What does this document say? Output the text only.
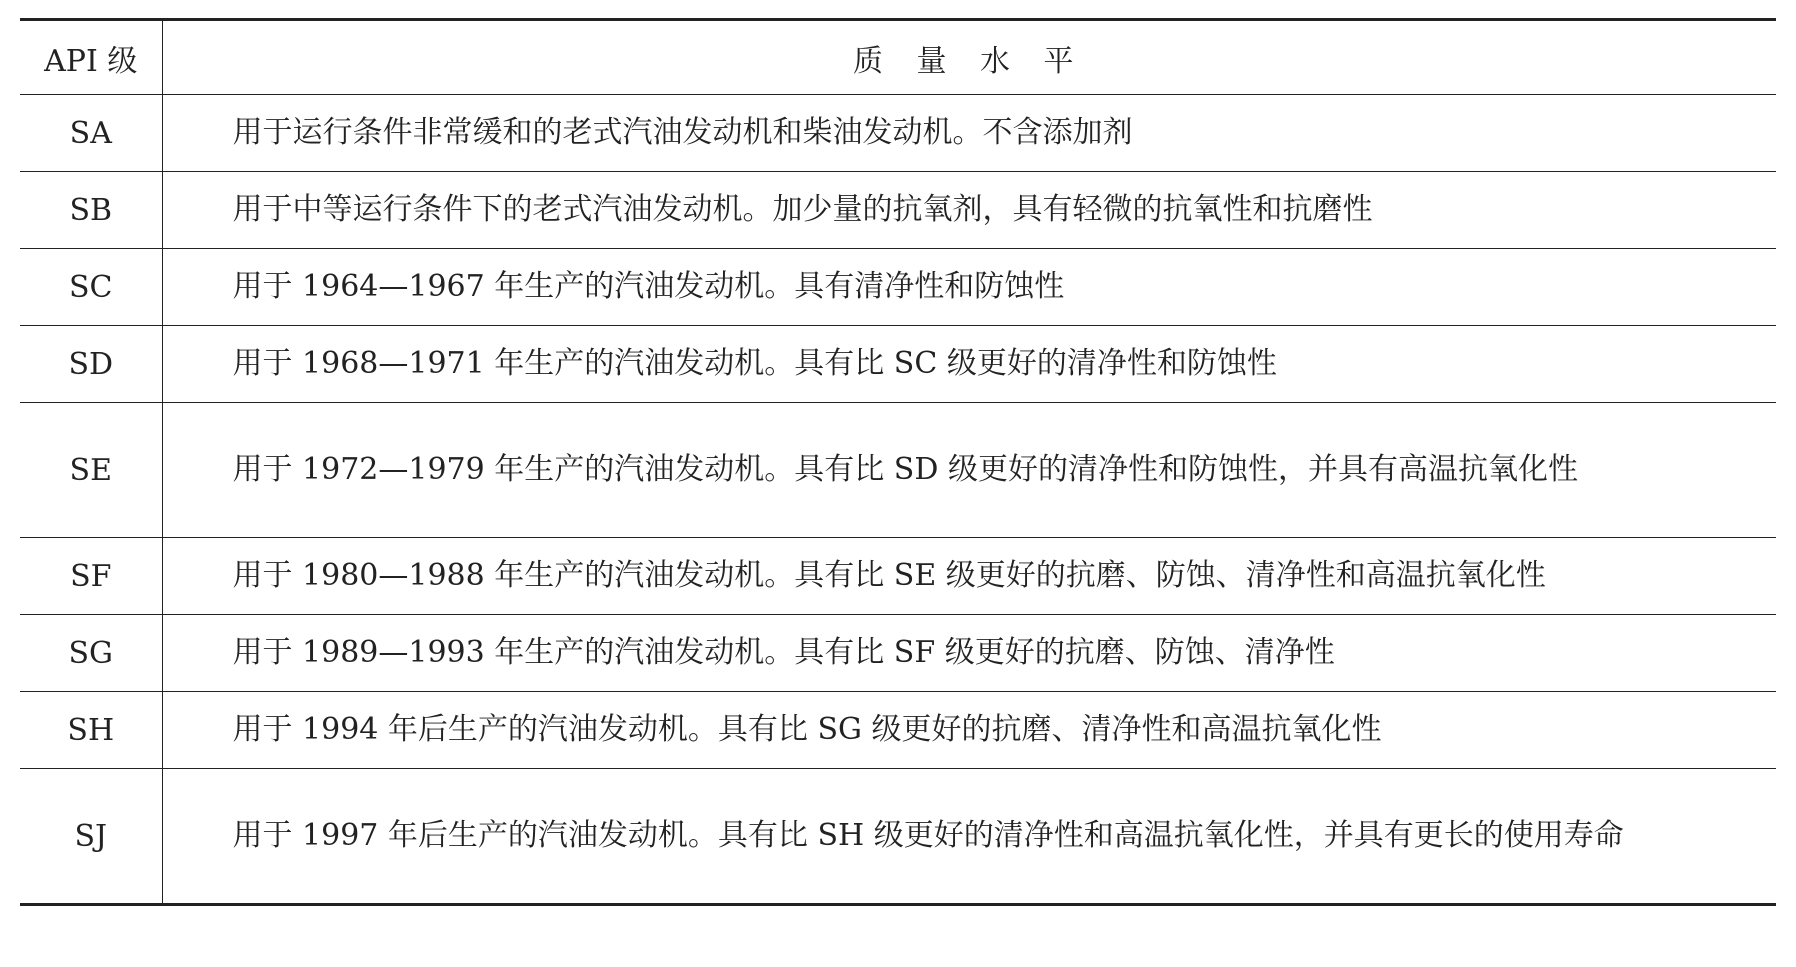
API 级	质 量 水 平
SA	用于运行条件非常缓和的老式汽油发动机和柴油发动机。不含添加剂
SB	用于中等运行条件下的老式汽油发动机。加少量的抗氧剂，具有轻微的抗氧性和抗磨性
SC	用于 1964—1967 年生产的汽油发动机。具有清净性和防蚀性
SD	用于 1968—1971 年生产的汽油发动机。具有比 SC 级更好的清净性和防蚀性
SE	用于 1972—1979 年生产的汽油发动机。具有比 SD 级更好的清净性和防蚀性，并具有高温抗氧化性
SF	用于 1980—1988 年生产的汽油发动机。具有比 SE 级更好的抗磨、防蚀、清净性和高温抗氧化性
SG	用于 1989—1993 年生产的汽油发动机。具有比 SF 级更好的抗磨、防蚀、清净性
SH	用于 1994 年后生产的汽油发动机。具有比 SG 级更好的抗磨、清净性和高温抗氧化性
SJ	用于 1997 年后生产的汽油发动机。具有比 SH 级更好的清净性和高温抗氧化性，并具有更长的使用寿命
